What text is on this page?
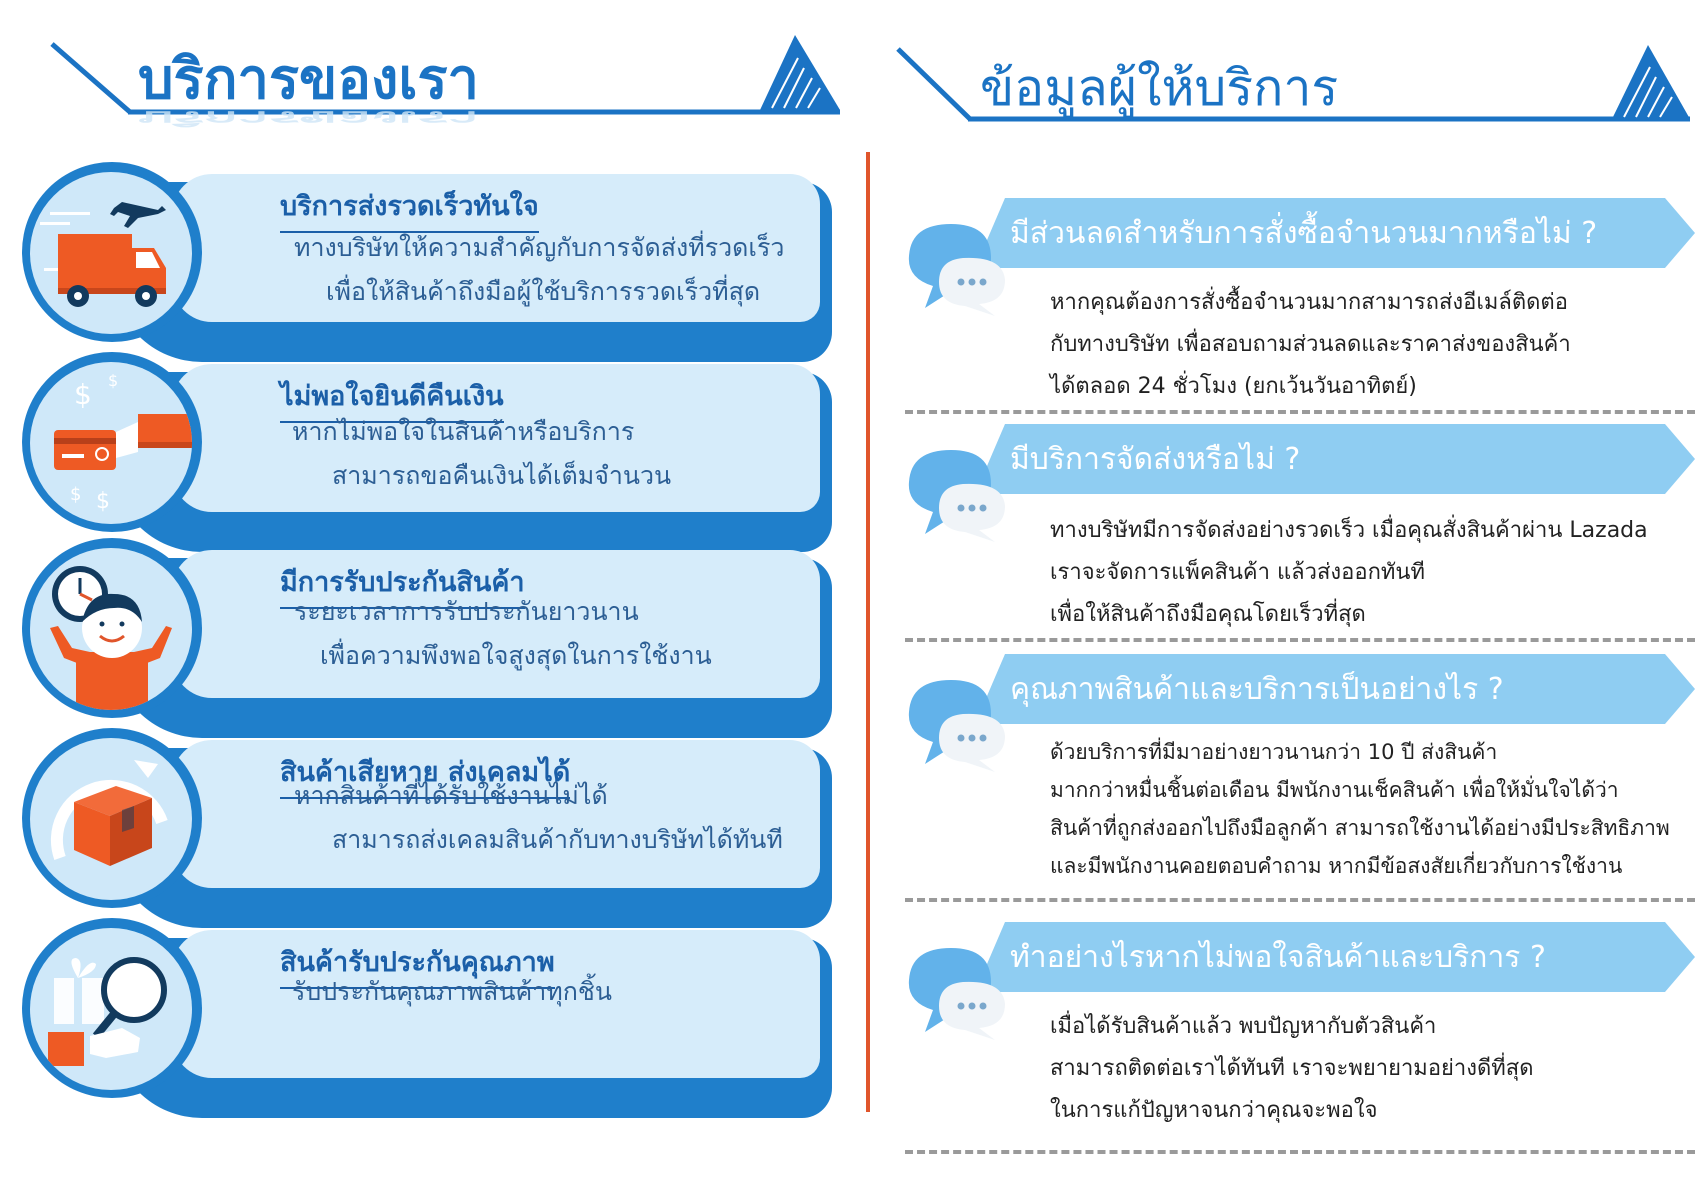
บริการของเรา
บริการของเรา
ข้อมูลผู้ให้บริการ
บริการส่งรวดเร็วทันใจ
ทางบริษัทให้ความสำคัญกับการจัดส่งที่รวดเร็ว
เพื่อให้สินค้าถึงมือผู้ใช้บริการรวดเร็วที่สุด
$ $
$ $
ไม่พอใจยินดีคืนเงิน
หากไม่พอใจในสินค้าหรือบริการ
สามารถขอคืนเงินได้เต็มจำนวน
มีการรับประกันสินค้า
ระยะเวลาการรับประกันยาวนาน
เพื่อความพึงพอใจสูงสุดในการใช้งาน
สินค้าเสียหาย ส่งเคลมได้
หากสินค้าที่ได้รับใช้งานไม่ได้
สามารถส่งเคลมสินค้ากับทางบริษัทได้ทันที
สินค้ารับประกันคุณภาพ
รับประกันคุณภาพสินค้าทุกชิ้น
มีส่วนลดสำหรับการสั่งซื้อจำนวนมากหรือไม่ ?
หากคุณต้องการสั่งซื้อจำนวนมากสามารถส่งอีเมล์ติดต่อ
กับทางบริษัท เพื่อสอบถามส่วนลดและราคาส่งของสินค้า
ได้ตลอด 24 ชั่วโมง (ยกเว้นวันอาทิตย์)
มีบริการจัดส่งหรือไม่ ?
ทางบริษัทมีการจัดส่งอย่างรวดเร็ว เมื่อคุณสั่งสินค้าผ่าน Lazada
เราจะจัดการแพ็คสินค้า แล้วส่งออกทันที
เพื่อให้สินค้าถึงมือคุณโดยเร็วที่สุด
คุณภาพสินค้าและบริการเป็นอย่างไร ?
ด้วยบริการที่มีมาอย่างยาวนานกว่า 10 ปี ส่งสินค้า
มากกว่าหมื่นชิ้นต่อเดือน มีพนักงานเช็คสินค้า เพื่อให้มั่นใจได้ว่า
สินค้าที่ถูกส่งออกไปถึงมือลูกค้า สามารถใช้งานได้อย่างมีประสิทธิภาพ
และมีพนักงานคอยตอบคำถาม หากมีข้อสงสัยเกี่ยวกับการใช้งาน
ทำอย่างไรหากไม่พอใจสินค้าและบริการ ?
เมื่อได้รับสินค้าแล้ว พบปัญหากับตัวสินค้า
สามารถติดต่อเราได้ทันที เราจะพยายามอย่างดีที่สุด
ในการแก้ปัญหาจนกว่าคุณจะพอใจ
